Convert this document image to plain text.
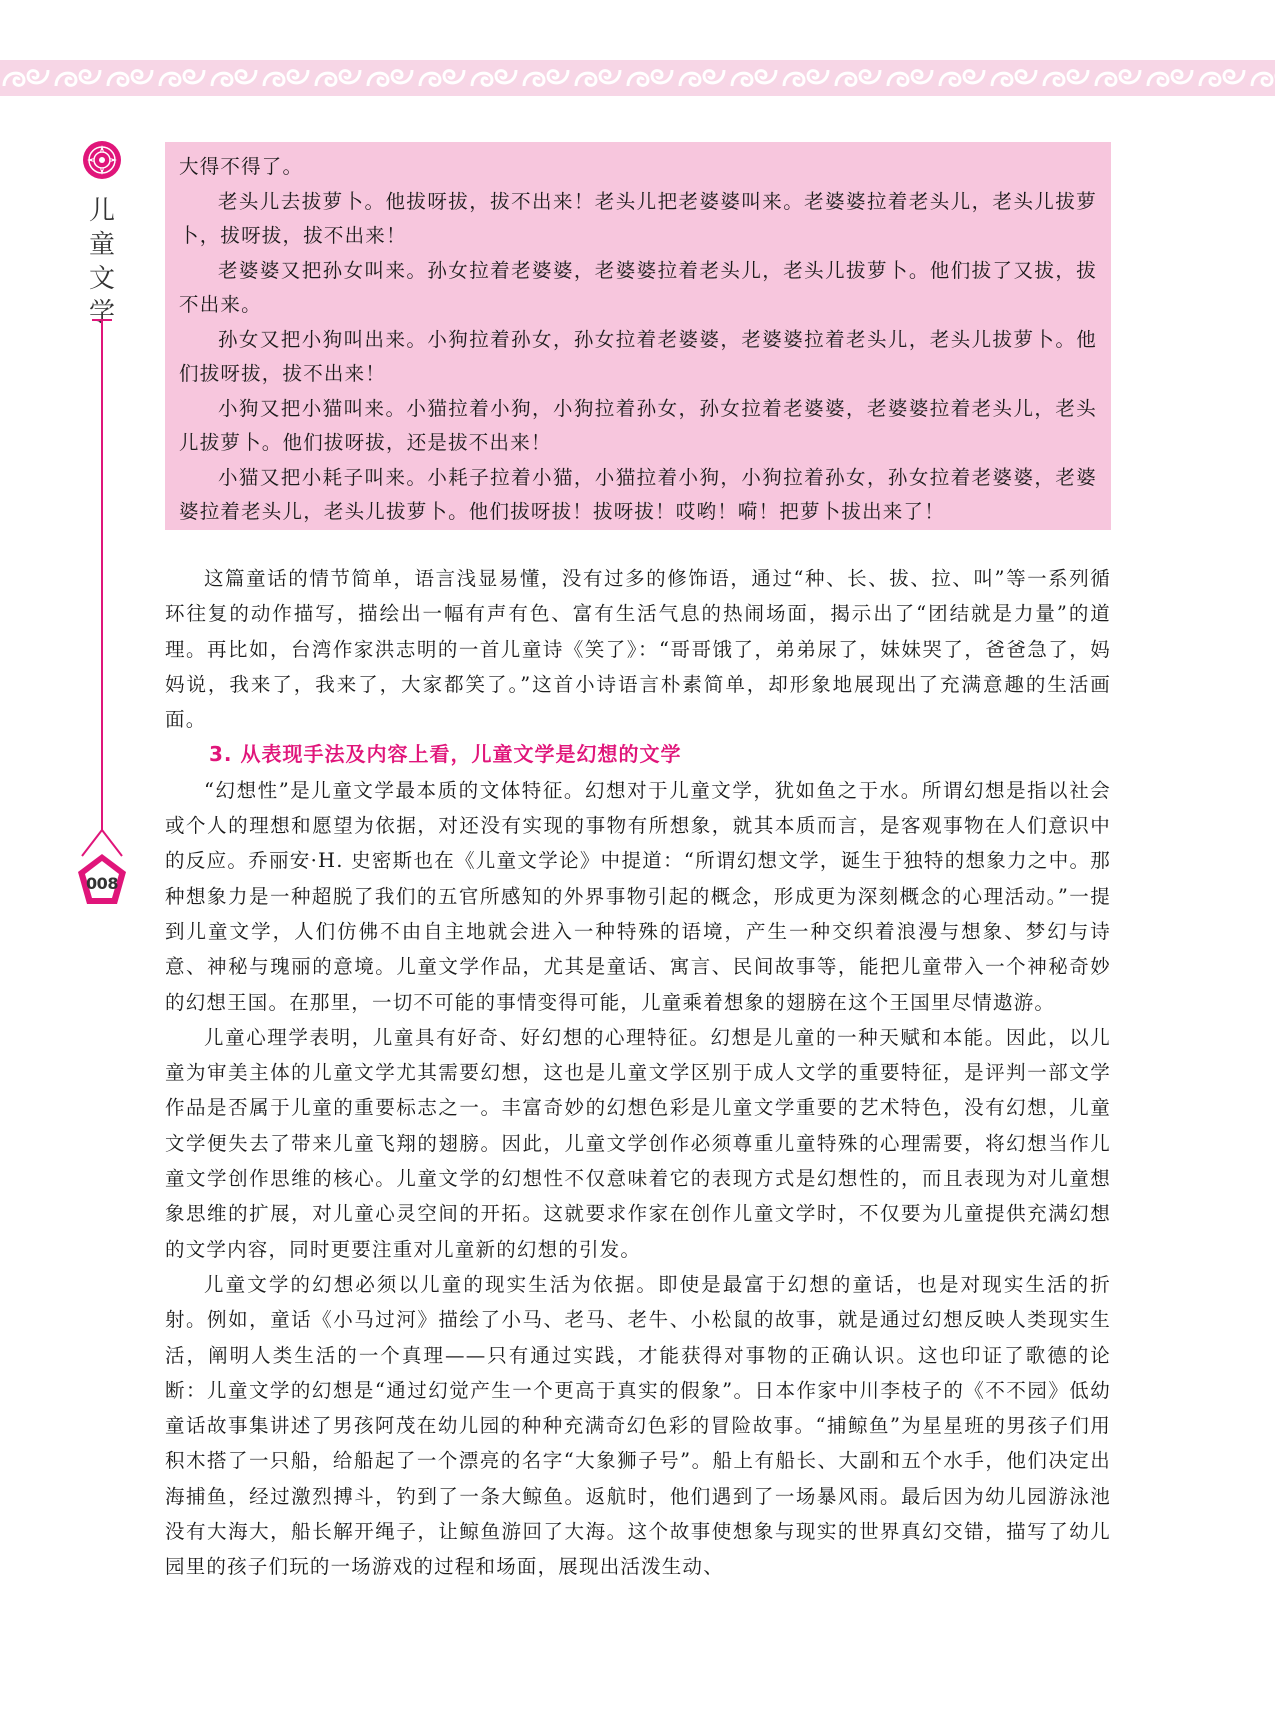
儿
童
文
学
008

大得不得了。

老头儿去拔萝卜。他拔呀拔，拔不出来！老头儿把老婆婆叫来。老婆婆拉着老头儿，老头儿拔萝卜，拔呀拔，拔不出来！

老婆婆又把孙女叫来。孙女拉着老婆婆，老婆婆拉着老头儿，老头儿拔萝卜。他们拔了又拔，拔不出来。

孙女又把小狗叫出来。小狗拉着孙女，孙女拉着老婆婆，老婆婆拉着老头儿，老头儿拔萝卜。他们拔呀拔，拔不出来！

小狗又把小猫叫来。小猫拉着小狗，小狗拉着孙女，孙女拉着老婆婆，老婆婆拉着老头儿，老头儿拔萝卜。他们拔呀拔，还是拔不出来！

小猫又把小耗子叫来。小耗子拉着小猫，小猫拉着小狗，小狗拉着孙女，孙女拉着老婆婆，老婆婆拉着老头儿，老头儿拔萝卜。他们拔呀拔！拔呀拔！哎哟！嗬！把萝卜拔出来了！

这篇童话的情节简单，语言浅显易懂，没有过多的修饰语，通过“种、长、拔、拉、叫”等一系列循环往复的动作描写，描绘出一幅有声有色、富有生活气息的热闹场面，揭示出了“团结就是力量”的道理。再比如，台湾作家洪志明的一首儿童诗《笑了》：“哥哥饿了，弟弟尿了，妹妹哭了，爸爸急了，妈妈说，我来了，我来了，大家都笑了。”这首小诗语言朴素简单，却形象地展现出了充满意趣的生活画面。

3. 从表现手法及内容上看，儿童文学是幻想的文学

“幻想性”是儿童文学最本质的文体特征。幻想对于儿童文学，犹如鱼之于水。所谓幻想是指以社会或个人的理想和愿望为依据，对还没有实现的事物有所想象，就其本质而言，是客观事物在人们意识中的反应。乔丽安·H. 史密斯也在《儿童文学论》中提道：“所谓幻想文学，诞生于独特的想象力之中。那种想象力是一种超脱了我们的五官所感知的外界事物引起的概念，形成更为深刻概念的心理活动。”一提到儿童文学，人们仿佛不由自主地就会进入一种特殊的语境，产生一种交织着浪漫与想象、梦幻与诗意、神秘与瑰丽的意境。儿童文学作品，尤其是童话、寓言、民间故事等，能把儿童带入一个神秘奇妙的幻想王国。在那里，一切不可能的事情变得可能，儿童乘着想象的翅膀在这个王国里尽情遨游。

儿童心理学表明，儿童具有好奇、好幻想的心理特征。幻想是儿童的一种天赋和本能。因此，以儿童为审美主体的儿童文学尤其需要幻想，这也是儿童文学区别于成人文学的重要特征，是评判一部文学作品是否属于儿童的重要标志之一。丰富奇妙的幻想色彩是儿童文学重要的艺术特色，没有幻想，儿童文学便失去了带来儿童飞翔的翅膀。因此，儿童文学创作必须尊重儿童特殊的心理需要，将幻想当作儿童文学创作思维的核心。儿童文学的幻想性不仅意味着它的表现方式是幻想性的，而且表现为对儿童想象思维的扩展，对儿童心灵空间的开拓。这就要求作家在创作儿童文学时，不仅要为儿童提供充满幻想的文学内容，同时更要注重对儿童新的幻想的引发。

儿童文学的幻想必须以儿童的现实生活为依据。即使是最富于幻想的童话，也是对现实生活的折射。例如，童话《小马过河》描绘了小马、老马、老牛、小松鼠的故事，就是通过幻想反映人类现实生活，阐明人类生活的一个真理——只有通过实践，才能获得对事物的正确认识。这也印证了歌德的论断：儿童文学的幻想是“通过幻觉产生一个更高于真实的假象”。日本作家中川李枝子的《不不园》低幼童话故事集讲述了男孩阿茂在幼儿园的种种充满奇幻色彩的冒险故事。“捕鲸鱼”为星星班的男孩子们用积木搭了一只船，给船起了一个漂亮的名字“大象狮子号”。船上有船长、大副和五个水手，他们决定出海捕鱼，经过激烈搏斗，钓到了一条大鲸鱼。返航时，他们遇到了一场暴风雨。最后因为幼儿园游泳池没有大海大，船长解开绳子，让鲸鱼游回了大海。这个故事使想象与现实的世界真幻交错，描写了幼儿园里的孩子们玩的一场游戏的过程和场面，展现出活泼生动、
